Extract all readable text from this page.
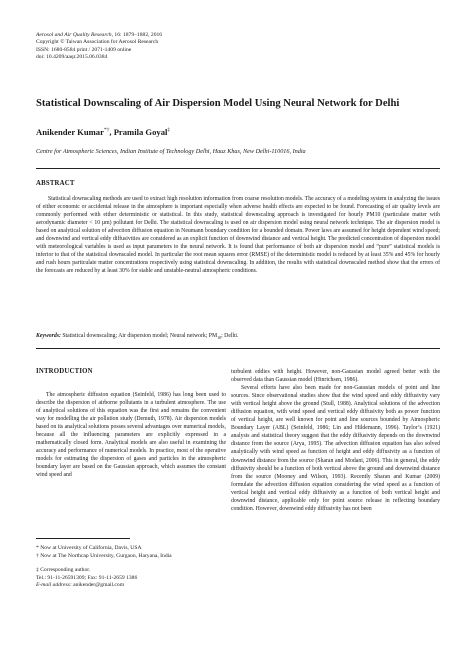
Aerosol and Air Quality Research, 16: 1879–1882, 2016
Copyright © Taiwan Association for Aerosol Research
ISSN: 1680-8584 print / 2071-1409 online
doi: 10.4209/aaqr.2015.06.0384
Statistical Downscaling of Air Dispersion Model Using Neural Network for Delhi
Anikender Kumar*†, Pramila Goyal‡
Centre for Atmospheric Sciences, Indian Institute of Technology Delhi, Hauz Khas, New Delhi-110016, India
ABSTRACT

Statistical downscaling methods are used to extract high resolution information from coarse resolution models. The accuracy of a modeling system in analyzing the issues of either economic or accidental release in the atmosphere is important especially when adverse health effects are expected to be found. Forecasting of air quality levels are commonly performed with either deterministic or statistical. In this study, statistical downscaling approach is investigated for hourly PM10 (particulate matter with aerodynamic diameter < 10 µm) pollutant for Delhi. The statistical downscaling is used on air dispersion model using neural network technique. The air dispersion model is based on analytical solution of advection diffusion equation in Neumann boundary condition for a bounded domain. Power laws are assumed for height dependent wind speed; and downwind and vertical eddy diffusivities are considered as an explicit function of downwind distance and vertical height. The predicted concentration of dispersion model with meteorological variables is used as input parameters to the neural network. It is found that performance of both air dispersion model and “pure” statistical models is inferior to that of the statistical downscaled model. In particular the root mean squares error (RMSE) of the deterministic model is reduced by at least 35% and 45% for hourly and rush hours particulate matter concentrations respectively using statistical downscaling. In addition, the results with statistical downscaled method show that the errors of the forecasts are reduced by at least 30% for stable and unstable-neutral atmospheric conditions.

Keywords: Statistical downscaling; Air dispersion model; Neural network; $PM_{10}$; Delhi.
INTRODUCTION

The atmospheric diffusion equation (Seinfeld, 1986) has long been used to describe the dispersion of airborne pollutants in a turbulent atmosphere. The use of analytical solutions of this equation was the first and remains the convenient way for modelling the air pollution study (Demuth, 1978). Air dispersion models based on its analytical solutions posses several advantages over numerical models, because all the influencing parameters are explicitly expressed in a mathematically closed form. Analytical models are also useful in examining the accuracy and performance of numerical models. In practice, most of the operative models for estimating the dispersion of gases and particles in the atmospheric boundary layer are based on the Gaussian approach, which assumes the constant wind speed and

turbulent eddies with height. However, non-Gaussian model agreed better with the observed data than Gaussian model (Hinrichsen, 1986).

Several efforts have also been made for non-Gaussian models of point and line sources. Since observational studies show that the wind speed and eddy diffusivity vary with vertical height above the ground (Stull, 1988). Analytical solutions of the advection diffusion equation, with wind speed and vertical eddy diffusivity both as power function of vertical height, are well known for point and line sources bounded by Atmospheric Boundary Layer (ABL) (Seinfeld, 1986; Lin and Hildemann, 1996). Taylor’s (1921) analysis and statistical theory suggest that the eddy diffusivity depends on the downwind distance from the source (Arya, 1995). The advection diffusion equation has also solved analytically with wind speed as function of height and eddy diffusivity as a function of downwind distance from the source (Sharan and Modani, 2006). This in general, the eddy diffusivity should be a function of both vertical above the ground and downwind distance from the source (Mooney and Wilson, 1993). Recently Sharan and Kumar (2009) formulate the advection diffusion equation considering the wind speed as a function of vertical height and vertical eddy diffusivity as a function of both vertical height and downwind distance, applicable only for point source release in reflecting boundary condition. However, downwind eddy diffusivity has not been

* Now at University of California, Davis, USA
† Now at The Northcap University, Gurgaon, Haryana, India
‡ Corresponding author.
Tel.: 91-11-26591309; Fax: 91-11-2659 1386
E-mail address: anikender@gmail.com
